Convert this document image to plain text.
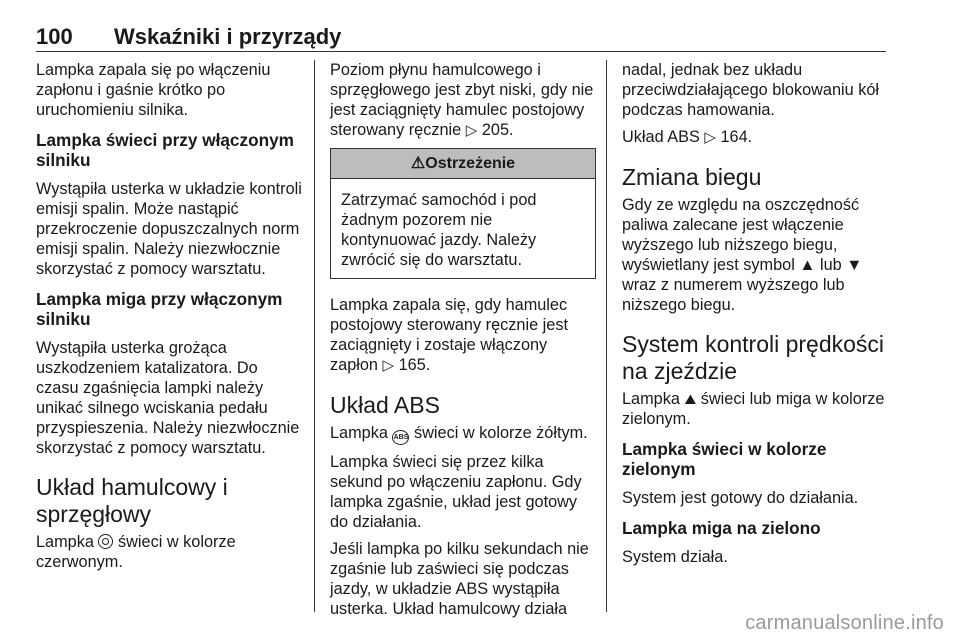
100 Wskaźniki i przyrządy

Lampka zapala się po włączeniu zapłonu i gaśnie krótko po uruchomieniu silnika.

Lampka świeci przy włączonym silniku

Wystąpiła usterka w układzie kontroli emisji spalin. Może nastąpić przekroczenie dopuszczalnych norm emisji spalin. Należy niezwłocznie skorzystać z pomocy warsztatu.

Lampka miga przy włączonym silniku

Wystąpiła usterka grożąca uszkodzeniem katalizatora. Do czasu zgaśnięcia lampki należy unikać silnego wciskania pedału przyspieszenia. Należy niezwłocznie skorzystać z pomocy warsztatu.

Układ hamulcowy i sprzęgłowy

Lampka świeci w kolorze czerwonym.

Poziom płynu hamulcowego i sprzęgłowego jest zbyt niski, gdy nie jest zaciągnięty hamulec postojowy sterowany ręcznie ▷ 205.

⚠Ostrzeżenie
Zatrzymać samochód i pod żadnym pozorem nie kontynuować jazdy. Należy zwrócić się do warsztatu.

Lampka zapala się, gdy hamulec postojowy sterowany ręcznie jest zaciągnięty i zostaje włączony zapłon ▷ 165.

Układ ABS

Lampka ABS świeci w kolorze żółtym.

Lampka świeci się przez kilka sekund po włączeniu zapłonu. Gdy lampka zgaśnie, układ jest gotowy do działania.

Jeśli lampka po kilku sekundach nie zgaśnie lub zaświeci się podczas jazdy, w układzie ABS wystąpiła usterka. Układ hamulcowy działa

nadal, jednak bez układu przeciwdziałającego blokowaniu kół podczas hamowania.

Układ ABS ▷ 164.

Zmiana biegu

Gdy ze względu na oszczędność paliwa zalecane jest włączenie wyższego lub niższego biegu, wyświetlany jest symbol ▲ lub ▼ wraz z numerem wyższego lub niższego biegu.

System kontroli prędkości na zjeździe

Lampka ⛰ świeci lub miga w kolorze zielonym.

Lampka świeci w kolorze zielonym

System jest gotowy do działania.

Lampka miga na zielono

System działa.

carmanualsonline.info
